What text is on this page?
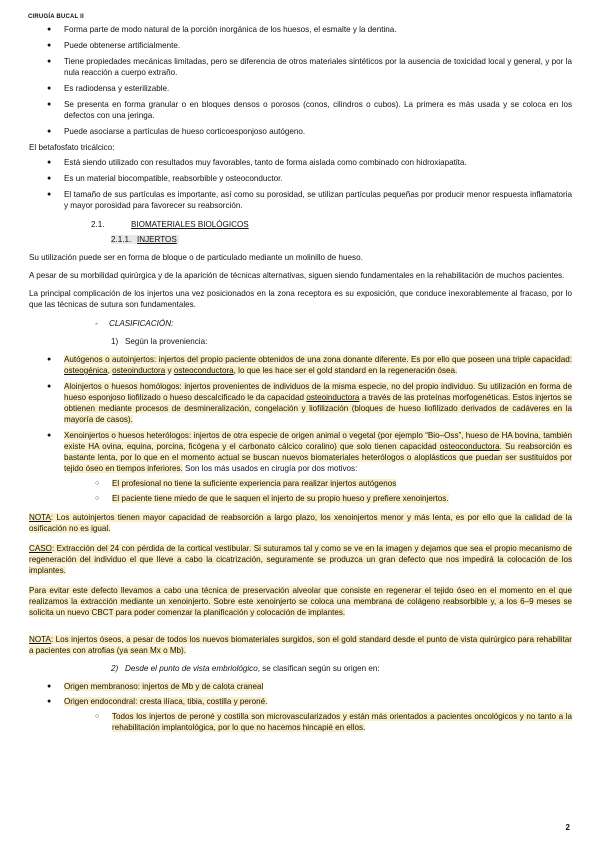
CIRUGÍA BUCAL II
● Forma parte de modo natural de la porción inorgánica de los huesos, el esmalte y la dentina.
● Puede obtenerse artificialmente.
● Tiene propiedades mecánicas limitadas, pero se diferencia de otros materiales sintéticos por la ausencia de toxicidad local y general, y por la nula reacción a cuerpo extraño.
● Es radiodensa y esterilizable.
● Se presenta en forma granular o en bloques densos o porosos (conos, cilindros o cubos). La primera es más usada y se coloca en los defectos con una jeringa.
● Puede asociarse a partículas de hueso corticoesponjoso autógeno.

El betafosfato tricálcico:

● Está siendo utilizado con resultados muy favorables, tanto de forma aislada como combinado con hidroxiapatita.
● Es un material biocompatible, reabsorbible y osteoconductor.
● El tamaño de sus partículas es importante, así como su porosidad, se utilizan partículas pequeñas por producir menor respuesta inflamatoria y mayor porosidad para favorecer su reabsorción.
2.1.	BIOMATERIALES BIOLÓGICOS
2.1.1. INJERTOS

Su utilización puede ser en forma de bloque o de particulado mediante un molinillo de hueso.

A pesar de su morbilidad quirúrgica y de la aparición de técnicas alternativas, siguen siendo fundamentales en la rehabilitación de muchos pacientes.

La principal complicación de los injertos una vez posicionados en la zona receptora es su exposición, que conduce inexorablemente al fracaso, por lo que las técnicas de sutura son fundamentales.

- CLASIFICACIÓN:
1) Según la proveniencia:
● Autógenos o autoinjertos: injertos del propio paciente obtenidos de una zona donante diferente. Es por ello que poseen una triple capacidad: osteogénica, osteoinductora y osteoconductora, lo que les hace ser el gold standard en la regeneración ósea.
● Aloinjertos o huesos homólogos: injertos provenientes de individuos de la misma especie, no del propio individuo. Su utilización en forma de hueso esponjoso liofilizado o hueso descalcificado le da capacidad osteoinductora a través de las proteínas morfogenéticas. Estos injertos se obtienen mediante procesos de desmineralización, congelación y liofilización (bloques de hueso liofilizado derivados de cadáveres en la mayoría de casos).
● Xenoinjertos o huesos heterólogos: injertos de otra especie de origen animal o vegetal (por ejemplo “Bio–Oss”, hueso de HA bovina, también existe HA ovina, equina, porcina, ficógena y el carbonato cálcico coralino) que solo tienen capacidad osteoconductora. Su reabsorción es bastante lenta, por lo que en el momento actual se buscan nuevos biomateriales heterólogos o aloplásticos que puedan ser sustituidos por tejido óseo en tiempos inferiores. Son los más usados en cirugía por dos motivos:
○ El profesional no tiene la suficiente experiencia para realizar injertos autógenos
○ El paciente tiene miedo de que le saquen el injerto de su propio hueso y prefiere xenoinjertos.

NOTA: Los autoinjertos tienen mayor capacidad de reabsorción a largo plazo, los xenoinjertos menor y más lenta, es por ello que la calidad de la osificación no es igual.

CASO: Extracción del 24 con pérdida de la cortical vestibular. Si suturamos tal y como se ve en la imagen y dejamos que sea el propio mecanismo de regeneración del individuo el que lleve a cabo la cicatrización, seguramente se produzca un gran defecto que nos impedirá la colocación de los implantes.

Para evitar este defecto llevamos a cabo una técnica de preservación alveolar que consiste en regenerar el tejido óseo en el momento en el que realizamos la extracción mediante un xenoinjerto. Sobre este xenoinjerto se coloca una membrana de colágeno reabsorbible y, a los 6–9 meses se solicita un nuevo CBCT para poder comenzar la planificación y colocación de implantes.

NOTA: Los injertos óseos, a pesar de todos los nuevos biomateriales surgidos, son el gold standard desde el punto de vista quirúrgico para rehabilitar a pacientes con atrofias (ya sean Mx o Mb).

2) Desde el punto de vista embriológico, se clasifican según su origen en:
● Origen membranoso: injertos de Mb y de calota craneal
● Origen endocondral: cresta ilíaca, tibia, costilla y peroné.
○ Todos los injertos de peroné y costilla son microvascularizados y están más orientados a pacientes oncológicos y no tanto a la rehabilitación implantológica, por lo que no hacemos hincapié en ellos.
2
